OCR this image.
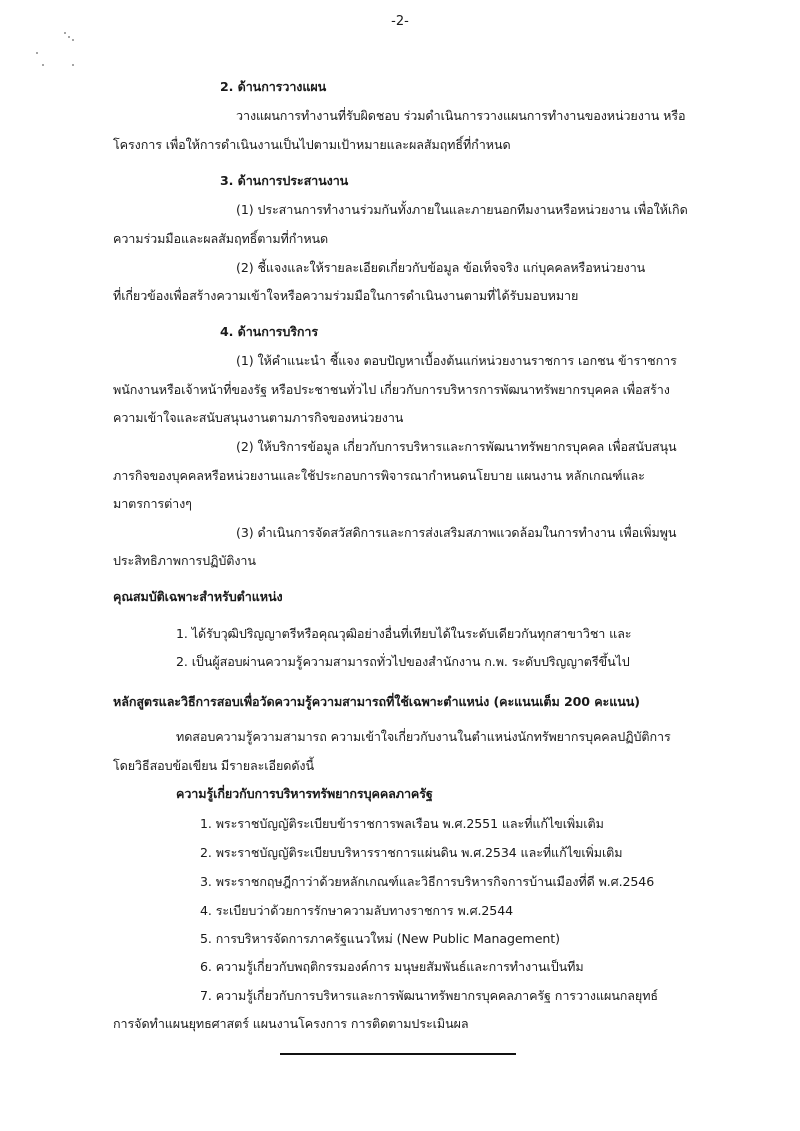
-2-
2. ด้านการวางแผน
วางแผนการทำงานที่รับผิดชอบ ร่วมดำเนินการวางแผนการทำงานของหน่วยงาน หรือ
โครงการ เพื่อให้การดำเนินงานเป็นไปตามเป้าหมายและผลสัมฤทธิ์ที่กำหนด
3. ด้านการประสานงาน
(1) ประสานการทำงานร่วมกันทั้งภายในและภายนอกทีมงานหรือหน่วยงาน เพื่อให้เกิด
ความร่วมมือและผลสัมฤทธิ์ตามที่กำหนด
(2) ชี้แจงและให้รายละเอียดเกี่ยวกับข้อมูล ข้อเท็จจริง แก่บุคคลหรือหน่วยงาน
ที่เกี่ยวข้องเพื่อสร้างความเข้าใจหรือความร่วมมือในการดำเนินงานตามที่ได้รับมอบหมาย
4. ด้านการบริการ
(1) ให้คำแนะนำ ชี้แจง ตอบปัญหาเบื้องต้นแก่หน่วยงานราชการ เอกชน ข้าราชการ
พนักงานหรือเจ้าหน้าที่ของรัฐ หรือประชาชนทั่วไป เกี่ยวกับการบริหารการพัฒนาทรัพยากรบุคคล เพื่อสร้าง
ความเข้าใจและสนับสนุนงานตามภารกิจของหน่วยงาน
(2) ให้บริการข้อมูล เกี่ยวกับการบริหารและการพัฒนาทรัพยากรบุคคล เพื่อสนับสนุน
ภารกิจของบุคคลหรือหน่วยงานและใช้ประกอบการพิจารณากำหนดนโยบาย แผนงาน หลักเกณฑ์และ
มาตรการต่างๆ
(3) ดำเนินการจัดสวัสดิการและการส่งเสริมสภาพแวดล้อมในการทำงาน เพื่อเพิ่มพูน
ประสิทธิภาพการปฏิบัติงาน
คุณสมบัติเฉพาะสำหรับตำแหน่ง
1. ได้รับวุฒิปริญญาตรีหรือคุณวุฒิอย่างอื่นที่เทียบได้ในระดับเดียวกันทุกสาขาวิชา และ
2. เป็นผู้สอบผ่านความรู้ความสามารถทั่วไปของสำนักงาน ก.พ. ระดับปริญญาตรีขึ้นไป
หลักสูตรและวิธีการสอบเพื่อวัดความรู้ความสามารถที่ใช้เฉพาะตำแหน่ง (คะแนนเต็ม 200 คะแนน)
ทดสอบความรู้ความสามารถ ความเข้าใจเกี่ยวกับงานในตำแหน่งนักทรัพยากรบุคคลปฏิบัติการ
โดยวิธีสอบข้อเขียน มีรายละเอียดดังนี้
ความรู้เกี่ยวกับการบริหารทรัพยากรบุคคลภาครัฐ
1. พระราชบัญญัติระเบียบข้าราชการพลเรือน พ.ศ.2551 และที่แก้ไขเพิ่มเติม
2. พระราชบัญญัติระเบียบบริหารราชการแผ่นดิน พ.ศ.2534 และที่แก้ไขเพิ่มเติม
3. พระราชกฤษฎีกาว่าด้วยหลักเกณฑ์และวิธีการบริหารกิจการบ้านเมืองที่ดี พ.ศ.2546
4. ระเบียบว่าด้วยการรักษาความลับทางราชการ พ.ศ.2544
5. การบริหารจัดการภาครัฐแนวใหม่ (New Public Management)
6. ความรู้เกี่ยวกับพฤติกรรมองค์การ มนุษยสัมพันธ์และการทำงานเป็นทีม
7. ความรู้เกี่ยวกับการบริหารและการพัฒนาทรัพยากรบุคคลภาครัฐ การวางแผนกลยุทธ์
การจัดทำแผนยุทธศาสตร์ แผนงานโครงการ การติดตามประเมินผล
